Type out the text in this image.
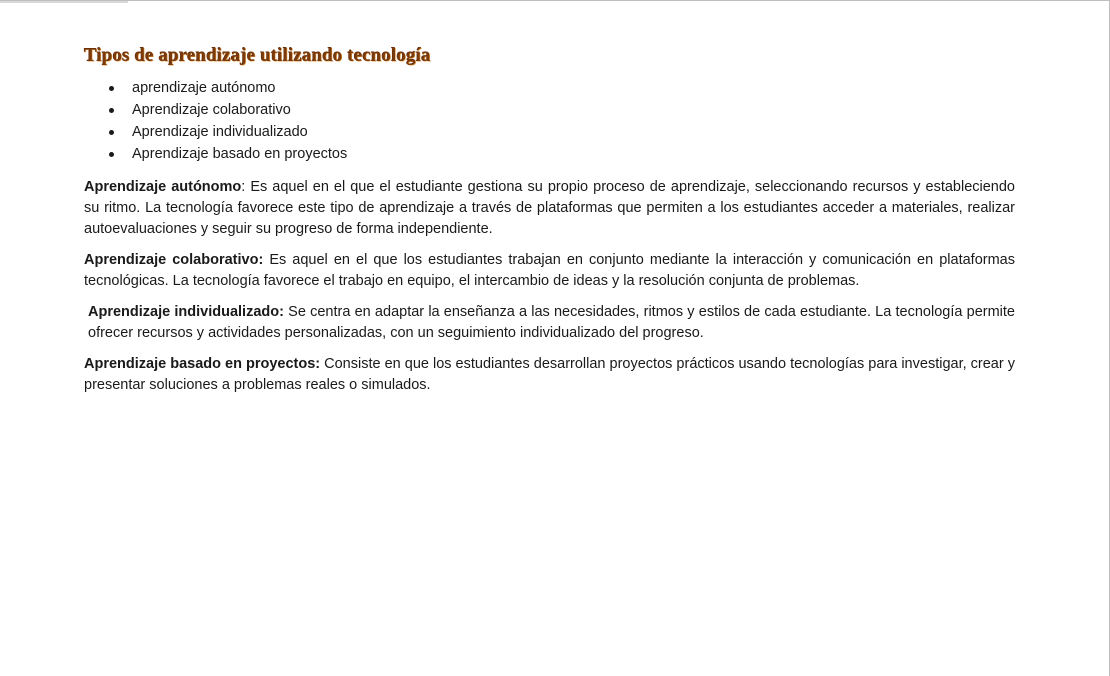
Tipos de aprendizaje utilizando tecnología
aprendizaje autónomo
Aprendizaje colaborativo
Aprendizaje individualizado
Aprendizaje basado en proyectos

Aprendizaje autónomo: Es aquel en el que el estudiante gestiona su propio proceso de aprendizaje, seleccionando recursos y estableciendo su ritmo. La tecnología favorece este tipo de aprendizaje a través de plataformas que permiten a los estudiantes acceder a materiales, realizar autoevaluaciones y seguir su progreso de forma independiente.

Aprendizaje colaborativo: Es aquel en el que los estudiantes trabajan en conjunto mediante la interacción y comunicación en plataformas tecnológicas. La tecnología favorece el trabajo en equipo, el intercambio de ideas y la resolución conjunta de problemas.

Aprendizaje individualizado: Se centra en adaptar la enseñanza a las necesidades, ritmos y estilos de cada estudiante. La tecnología permite ofrecer recursos y actividades personalizadas, con un seguimiento individualizado del progreso.

Aprendizaje basado en proyectos: Consiste en que los estudiantes desarrollan proyectos prácticos usando tecnologías para investigar, crear y presentar soluciones a problemas reales o simulados.
